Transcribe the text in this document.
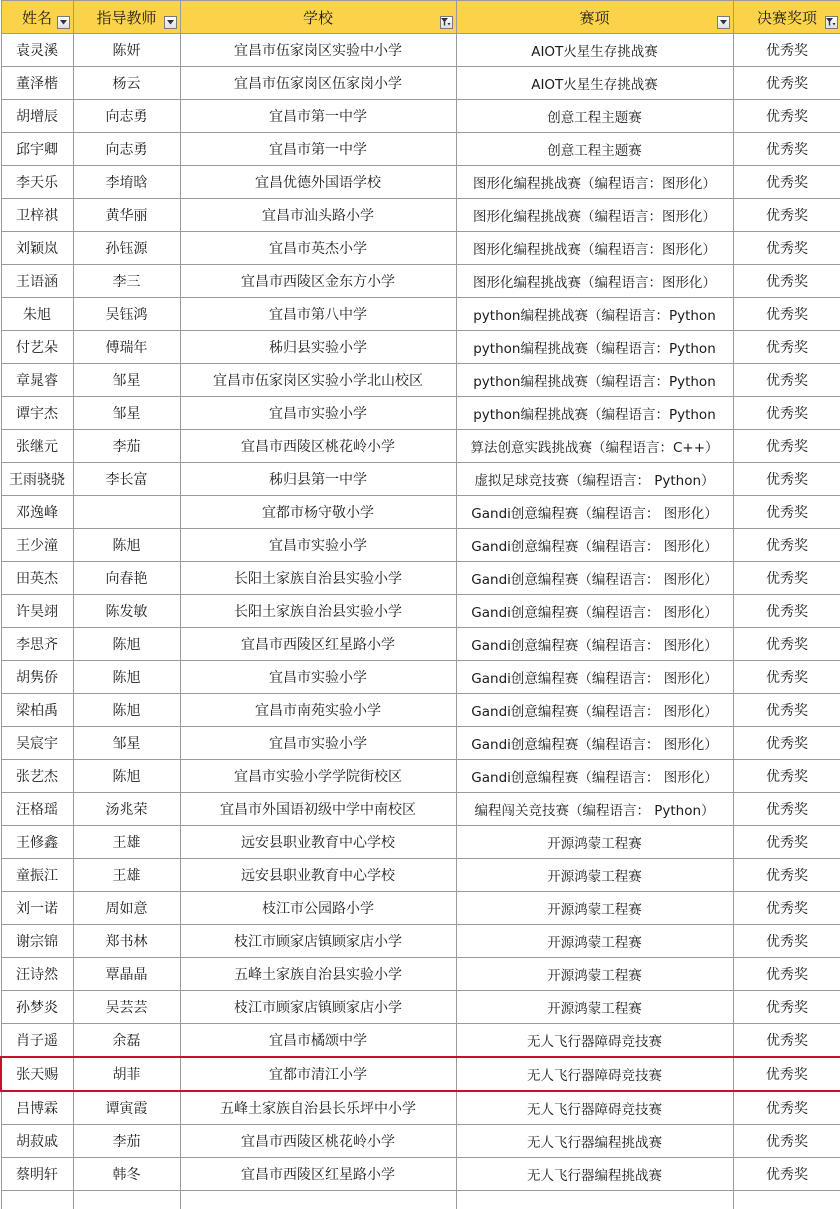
姓名	指导教师	学校	赛项	决赛奖项

袁灵溪	陈妍	宜昌市伍家岗区实验中小学	AIOT火星生存挑战赛	优秀奖
董泽楷	杨云	宜昌市伍家岗区伍家岗小学	AIOT火星生存挑战赛	优秀奖
胡增辰	向志勇	宜昌市第一中学	创意工程主题赛	优秀奖
邱宇卿	向志勇	宜昌市第一中学	创意工程主题赛	优秀奖
李天乐	李堉晗	宜昌优德外国语学校	图形化编程挑战赛（编程语言：图形化）	优秀奖
卫梓祺	黄华丽	宜昌市汕头路小学	图形化编程挑战赛（编程语言：图形化）	优秀奖
刘颖岚	孙钰源	宜昌市英杰小学	图形化编程挑战赛（编程语言：图形化）	优秀奖
王语涵	李三	宜昌市西陵区金东方小学	图形化编程挑战赛（编程语言：图形化）	优秀奖
朱旭	吴钰鸿	宜昌市第八中学	python编程挑战赛（编程语言：Python	优秀奖
付艺朵	傅瑞年	秭归县实验小学	python编程挑战赛（编程语言：Python	优秀奖
章晁睿	邹星	宜昌市伍家岗区实验小学北山校区	python编程挑战赛（编程语言：Python	优秀奖
谭宇杰	邹星	宜昌市实验小学	python编程挑战赛（编程语言：Python	优秀奖
张继元	李茄	宜昌市西陵区桃花岭小学	算法创意实践挑战赛（编程语言：C++）	优秀奖
王雨骁骁	李长富	秭归县第一中学	虚拟足球竞技赛（编程语言： Python）	优秀奖
邓逸峰		宜都市杨守敬小学	Gandi创意编程赛（编程语言： 图形化）	优秀奖
王少潼	陈旭	宜昌市实验小学	Gandi创意编程赛（编程语言： 图形化）	优秀奖
田英杰	向春艳	长阳土家族自治县实验小学	Gandi创意编程赛（编程语言： 图形化）	优秀奖
许昊翊	陈发敏	长阳土家族自治县实验小学	Gandi创意编程赛（编程语言： 图形化）	优秀奖
李思齐	陈旭	宜昌市西陵区红星路小学	Gandi创意编程赛（编程语言： 图形化）	优秀奖
胡隽侨	陈旭	宜昌市实验小学	Gandi创意编程赛（编程语言： 图形化）	优秀奖
梁柏禹	陈旭	宜昌市南苑实验小学	Gandi创意编程赛（编程语言： 图形化）	优秀奖
吴宸宇	邹星	宜昌市实验小学	Gandi创意编程赛（编程语言： 图形化）	优秀奖
张艺杰	陈旭	宜昌市实验小学学院街校区	Gandi创意编程赛（编程语言： 图形化）	优秀奖
汪格瑶	汤兆荣	宜昌市外国语初级中学中南校区	编程闯关竞技赛（编程语言： Python）	优秀奖
王修鑫	王雄	远安县职业教育中心学校	开源鸿蒙工程赛	优秀奖
童振江	王雄	远安县职业教育中心学校	开源鸿蒙工程赛	优秀奖
刘一诺	周如意	枝江市公园路小学	开源鸿蒙工程赛	优秀奖
谢宗锦	郑书林	枝江市顾家店镇顾家店小学	开源鸿蒙工程赛	优秀奖
汪诗然	覃晶晶	五峰土家族自治县实验小学	开源鸿蒙工程赛	优秀奖
孙梦炎	吴芸芸	枝江市顾家店镇顾家店小学	开源鸿蒙工程赛	优秀奖
肖子遥	余磊	宜昌市橘颂中学	无人飞行器障碍竞技赛	优秀奖
张天赐	胡菲	宜都市清江小学	无人飞行器障碍竞技赛	优秀奖
吕博霖	谭寅霞	五峰土家族自治县长乐坪中小学	无人飞行器障碍竞技赛	优秀奖
胡菽戚	李茄	宜昌市西陵区桃花岭小学	无人飞行器编程挑战赛	优秀奖
蔡明轩	韩冬	宜昌市西陵区红星路小学	无人飞行器编程挑战赛	优秀奖
